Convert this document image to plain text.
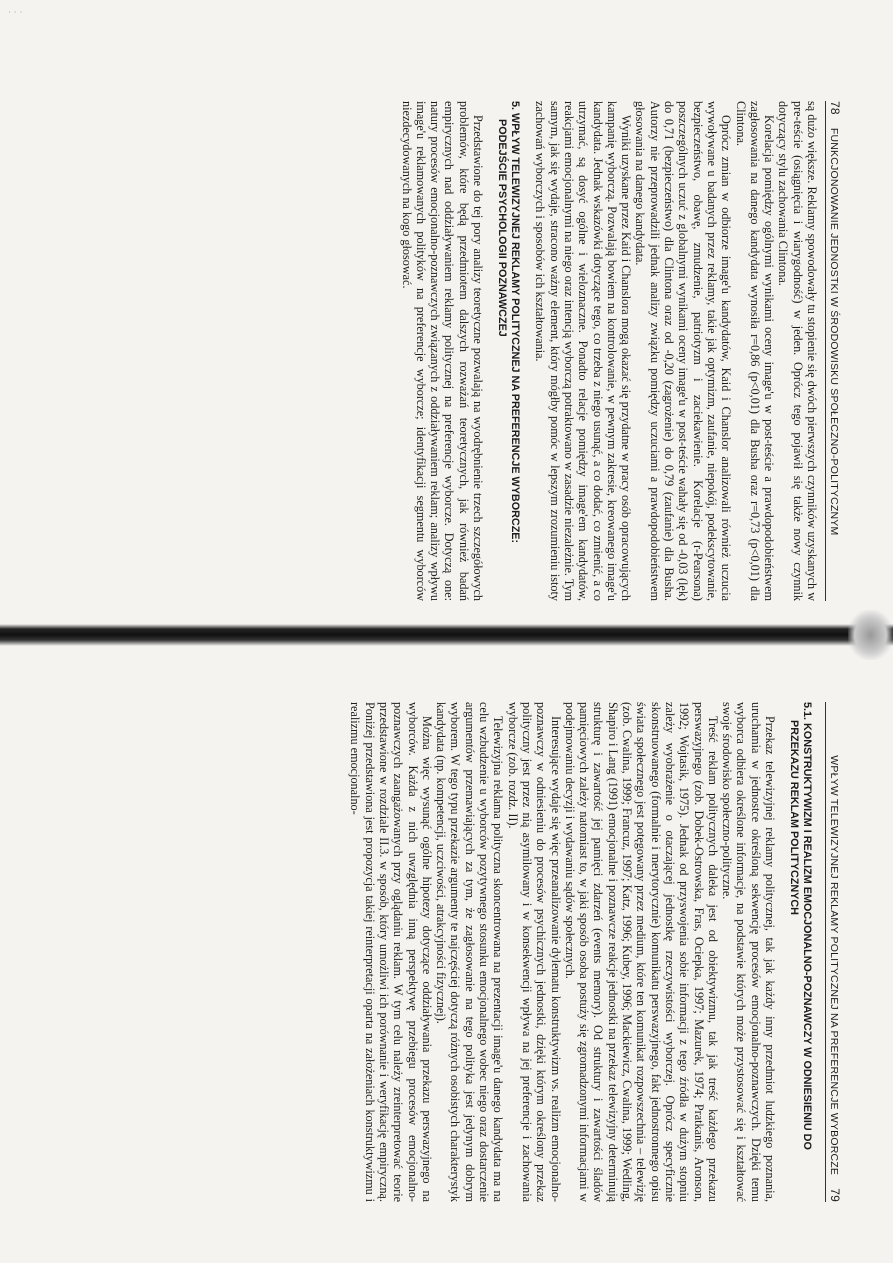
· · ·
78 FUNKCJONOWANIE JEDNOSTKI W ŚRODOWISKU SPOŁECZNO-POLITYCZNYM

są dużo większe. Reklamy spowodowały tu stopienie się dwóch pierwszych czynników uzyskanych w pre-teście (osiągnięcia i wiarygodność) w jeden. Oprócz tego pojawił się także nowy czynnik dotyczący stylu zachowania Clintona.

Korelacja pomiędzy ogólnymi wynikami oceny image'u w post-teście a prawdopodobieństwem zagłosowania na danego kandydata wynosiła r=0,86 (p<0,01) dla Busha oraz r=0,73 (p<0,01) dla Clintona.

Oprócz zmian w odbiorze image'u kandydatów, Kaid i Chanslor analizowali również uczucia wywoływane u badanych przez reklamy, takie jak optymizm, zaufanie, niepokój, podekscytowanie, bezpieczeństwo, obawę, zmudzenie, patriotyzm i zaciekawienie. Korelacje (r-Pearsona) poszczególnych uczuć z globalnymi wynikami oceny image'u w post-teście wahały się od -0,03 (lęk) do 0,71 (bezpieczeństwo) dla Clintona oraz od -0,20 (zagrożenie) do 0,79 (zaufanie) dla Busha. Autorzy nie przeprowadzili jednak analizy związku pomiędzy uczuciami a prawdopodobieństwem głosowania na danego kandydata.

Wyniki uzyskane przez Kaid i Chanslora mogą okazać się przydatne w pracy osób opracowujących kampanię wyborczą. Pozwalają bowiem na kontrolowanie, w pewnym zakresie, kreowanego image'u kandydata. Jednak wskazówki dotyczące tego, co trzeba z niego usunąć, a co dodać, co zmienić, a co utrzymać, są dosyć ogólne i wieloznaczne. Ponadto relacje pomiędzy image'em kandydatów, reakcjami emocjonalnymi na niego oraz intencją wyborczą potraktowano w zasadzie niezależnie. Tym samym, jak się wydaje, stracono ważny element, który mógłby pomóc w lepszym zrozumieniu istoty zachowań wyborczych i sposobów ich kształtowania.

5. WPŁYW TELEWIZYJNEJ REKLAMY POLITYCZNEJ NA PREFERENCJE WYBORCZE: PODEJŚCIE PSYCHOLOGII POZNAWCZEJ

Przedstawione do tej pory analizy teoretyczne pozwalają na wyodrębnienie trzech szczegółowych problemów, które będą przedmiotem dalszych rozważań teoretycznych, jak również badań empirycznych nad oddziaływaniem reklamy politycznej na preferencje wyborcze. Dotyczą one: natury procesów emocjonalno-poznawczych związanych z oddziaływaniem reklam; analizy wpływu image'u reklamowanych polityków na preferencje wyborcze; identyfikacji segmentu wyborców niezdecydowanych na kogo głosować.

WPŁYW TELEWIZYJNEJ REKLAMY POLITYCZNEJ NA PREFERENCJE WYBORCZE 79
5.1. KONSTRUKTYWIZM I REALIZM EMOCJONALNO-POZNAWCZY W ODNIESIENIU DO PRZEKAZU REKLAM POLITYCZNYCH

Przekaz telewizyjnej reklamy politycznej, tak jak każdy inny przedmiot ludzkiego poznania, uruchamia w jednostce określoną sekwencję procesów emocjonalno-poznawczych. Dzięki temu wyborca odbiera określone informacje, na podstawie których może przystosować się i kształtować swoje środowisko społeczno-polityczne.

Treść reklam politycznych daleka jest od obiektywizmu, tak jak treść każdego przekazu perswazyjnego (zob. Dobek-Ostrowska, Fras, Ociepka, 1997; Mazurek, 1974; Pratkanis, Aronson, 1992; Wojtasik, 1975). Jednak od przyswojenia sobie informacji z tego źródła w dużym stopniu zależy wyobrażenie o otaczającej jednostkę rzeczywistości wyborczej. Oprócz specyficznie skonstruowanego (formalnie i merytorycznie) komunikatu perswazyjnego, fakt jednostronnego opisu świata społecznego jest potęgowany przez medium, które ten komunikat rozpowszechnia – telewizję (zob. Cwalina, 1999; Francuz, 1997; Katz, 1996; Kubey, 1996; Mackiewicz, Cwalina, 1999; Wedling, Shapiro i Lang (1991) emocjonalne i poznawcze reakcje jednostki na przekaz telewizyjny determinują strukturę i zawartość jej pamięci zdarzeń (events memory). Od struktury i zawartości śladów pamięciowych zależy natomiast to, w jaki sposób osoba postuży się zgromadzonymi informacjami w podejmowaniu decyzji i wydawaniu sądów społecznych.

Interesujące wydaje się więc przeanalizowanie dylematu konstruktywizm vs. realizm emocjonalno-poznawczy w odniesieniu do procesów psychicznych jednostki, dzięki którym określony przekaz polityczny jest przez nią asymilowany i w konsekwencji wpływa na jej preferencje i zachowania wyborcze (zob. rozdz. II).

Telewizyjna reklama polityczna skoncentrowana na prezentacji image'u danego kandydata ma na celu wzbudzenie u wyborców pozytywnego stosunku emocjonalnego wobec niego oraz dostarczenie argumentów przemawiających za tym, że zagłosowanie na tego polityka jest jedynym dobrym wyborem. W tego typu przekazie argumenty te najczęściej dotyczą różnych osobistych charakterystyk kandydata (np. kompetencji, uczciwości, atrakcyjności fizycznej).

Można więc wysunąć ogólne hipotezy dotyczące oddziaływania przekazu perswazyjnego na wyborców. Każda z nich uwzględnia inną perspektywę przebiegu procesów emocjonalno-poznawczych zaangażowanych przy oglądaniu reklam. W tym celu należy zreinterpretować teorie przedstawione w rozdziale II.3. w sposób, który umożliwi ich porównanie i weryfikację empiryczną. Poniżej przedstawiona jest propozycja takiej reinterpretacji oparta na założeniach konstruktywizmu i realizmu emocjonalno-
